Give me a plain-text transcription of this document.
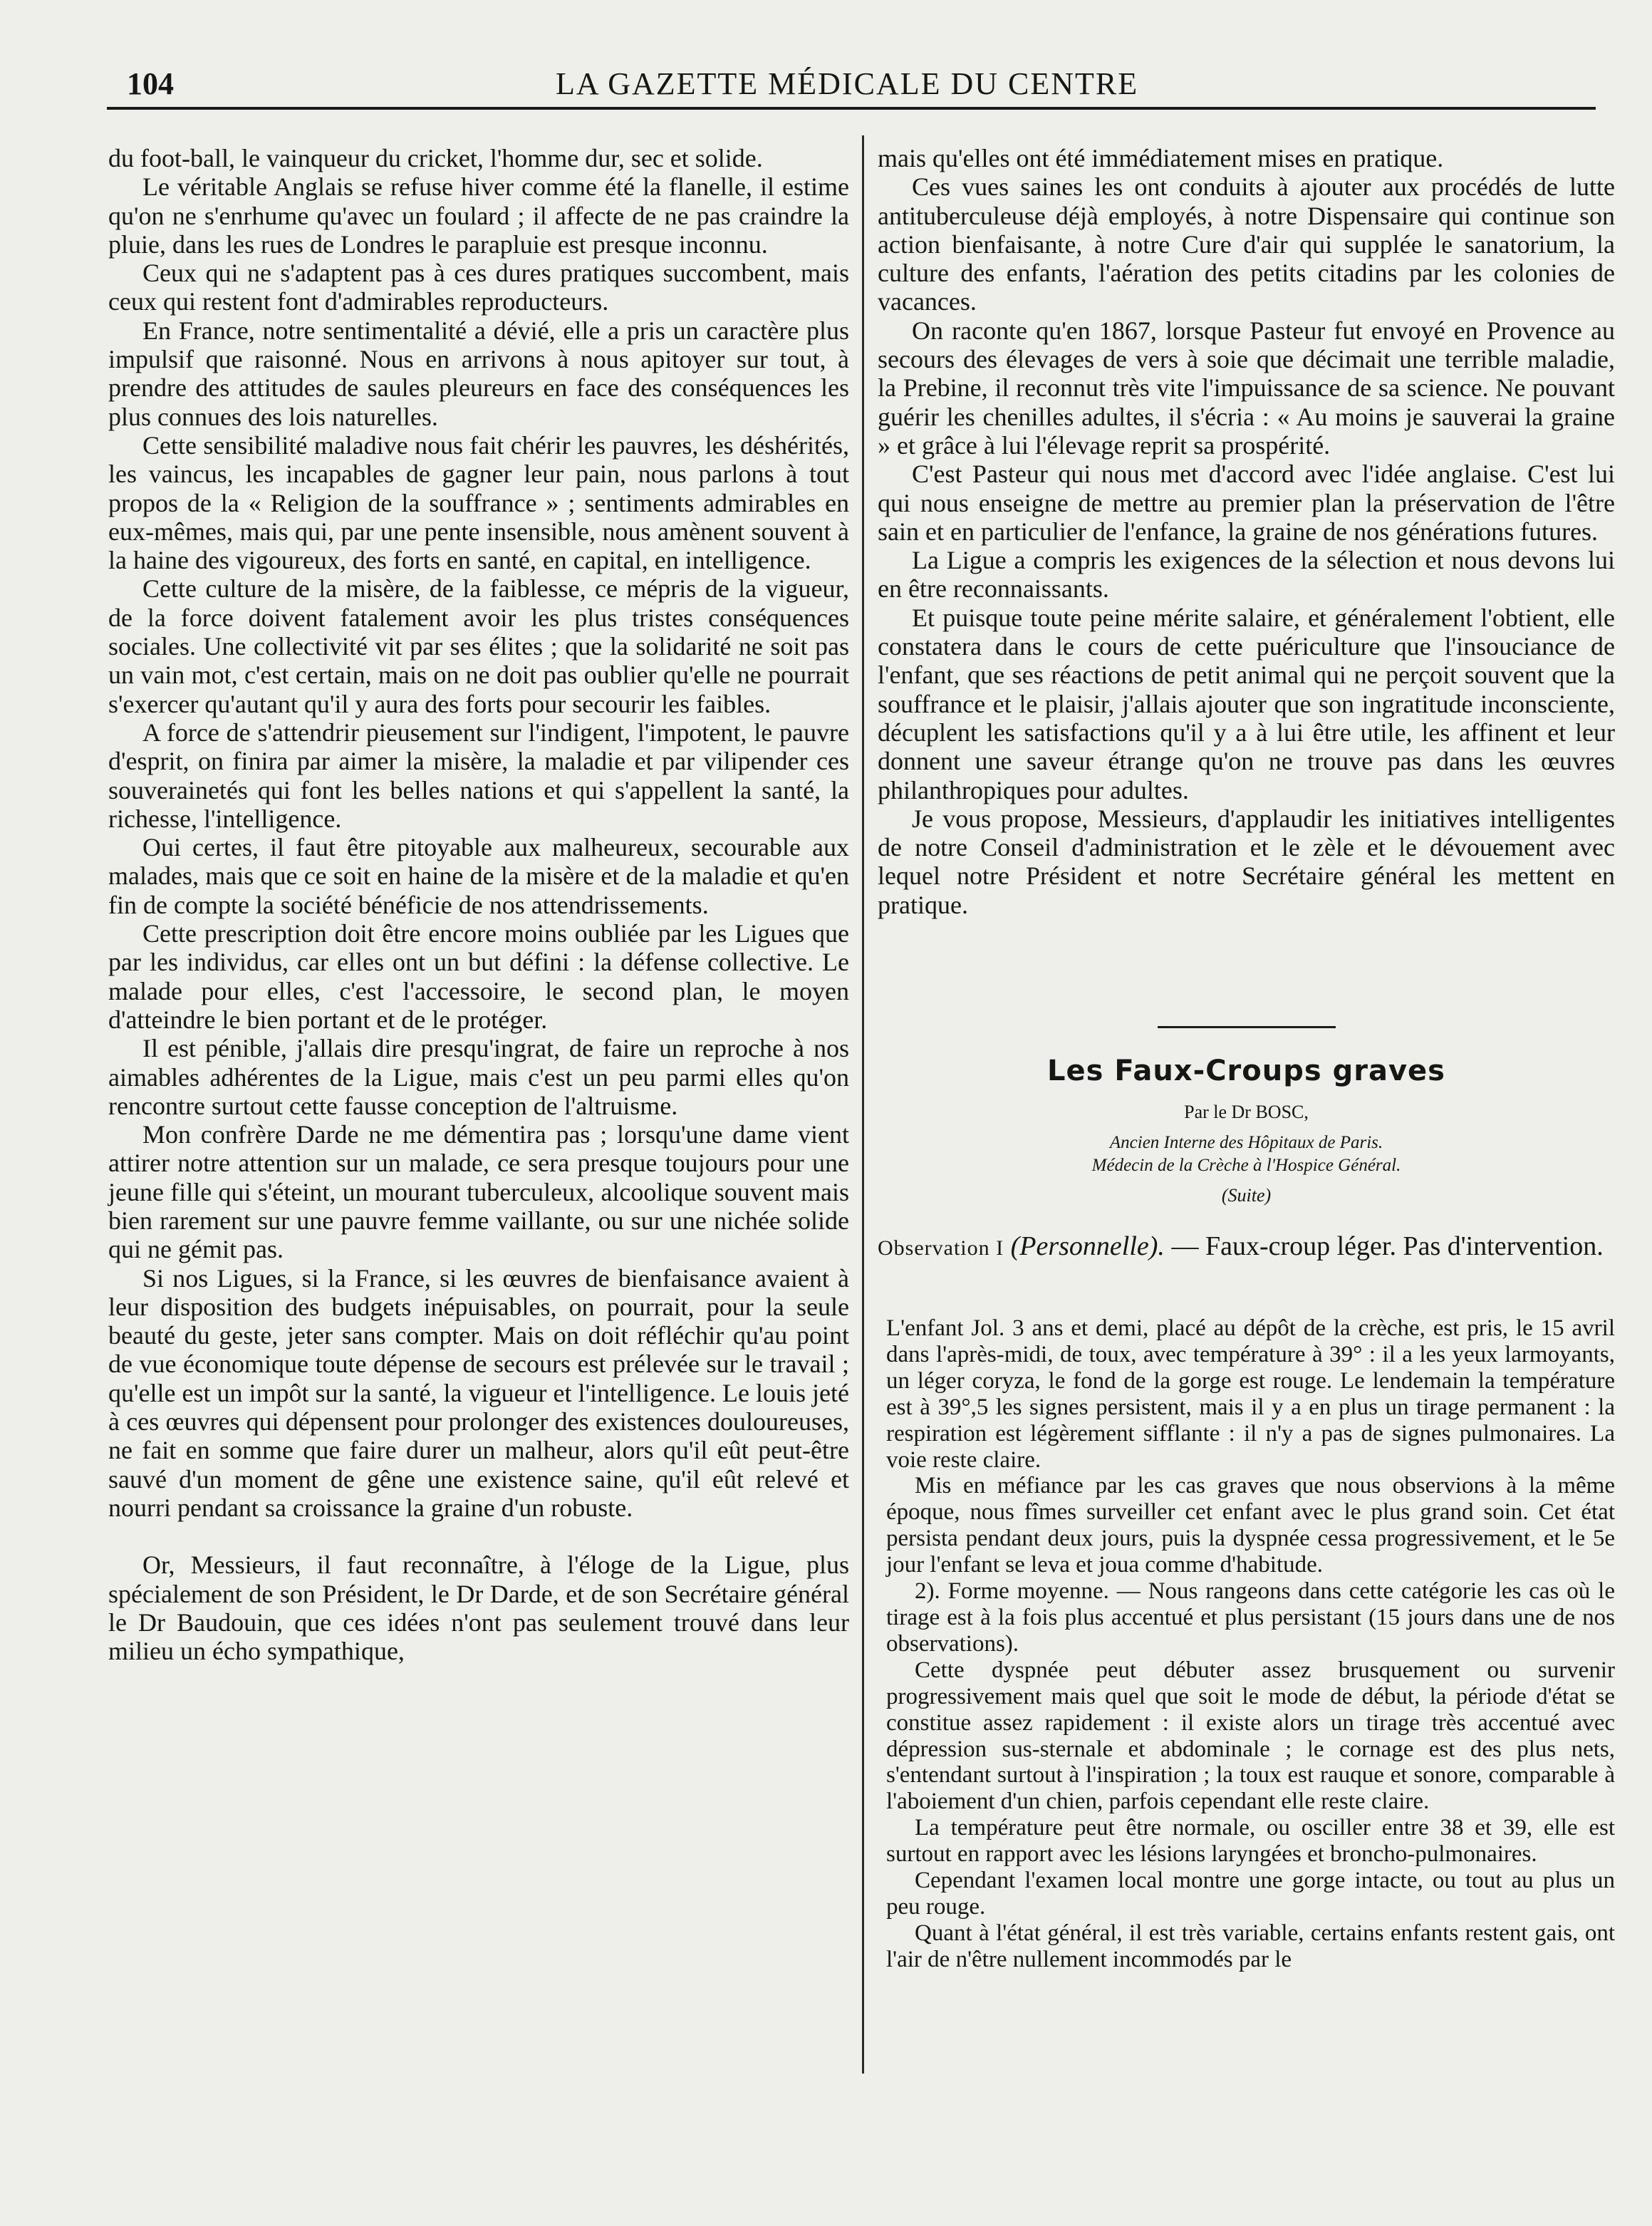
104	LA GAZETTE MÉDICALE DU CENTRE

du foot-ball, le vainqueur du cricket, l'homme dur, sec et solide.

Le véritable Anglais se refuse hiver comme été la flanelle, il estime qu'on ne s'enrhume qu'avec un foulard ; il affecte de ne pas craindre la pluie, dans les rues de Londres le parapluie est presque inconnu.

Ceux qui ne s'adaptent pas à ces dures pratiques succombent, mais ceux qui restent font d'admirables reproducteurs.

En France, notre sentimentalité a dévié, elle a pris un caractère plus impulsif que raisonné. Nous en arrivons à nous apitoyer sur tout, à prendre des attitudes de saules pleureurs en face des conséquences les plus connues des lois naturelles.

Cette sensibilité maladive nous fait chérir les pauvres, les déshérités, les vaincus, les incapables de gagner leur pain, nous parlons à tout propos de la « Religion de la souffrance » ; sentiments admirables en eux-mêmes, mais qui, par une pente insensible, nous amènent souvent à la haine des vigoureux, des forts en santé, en capital, en intelligence.

Cette culture de la misère, de la faiblesse, ce mépris de la vigueur, de la force doivent fatalement avoir les plus tristes conséquences sociales. Une collectivité vit par ses élites ; que la solidarité ne soit pas un vain mot, c'est certain, mais on ne doit pas oublier qu'elle ne pourrait s'exercer qu'autant qu'il y aura des forts pour secourir les faibles.

A force de s'attendrir pieusement sur l'indigent, l'impotent, le pauvre d'esprit, on finira par aimer la misère, la maladie et par vilipender ces souverainetés qui font les belles nations et qui s'appellent la santé, la richesse, l'intelligence.

Oui certes, il faut être pitoyable aux malheureux, secourable aux malades, mais que ce soit en haine de la misère et de la maladie et qu'en fin de compte la société bénéficie de nos attendrissements.

Cette prescription doit être encore moins oubliée par les Ligues que par les individus, car elles ont un but défini : la défense collective. Le malade pour elles, c'est l'accessoire, le second plan, le moyen d'atteindre le bien portant et de le protéger.

Il est pénible, j'allais dire presqu'ingrat, de faire un reproche à nos aimables adhérentes de la Ligue, mais c'est un peu parmi elles qu'on rencontre surtout cette fausse conception de l'altruisme.

Mon confrère Darde ne me démentira pas ; lorsqu'une dame vient attirer notre attention sur un malade, ce sera presque toujours pour une jeune fille qui s'éteint, un mourant tuberculeux, alcoolique souvent mais bien rarement sur une pauvre femme vaillante, ou sur une nichée solide qui ne gémit pas.

Si nos Ligues, si la France, si les œuvres de bienfaisance avaient à leur disposition des budgets inépuisables, on pourrait, pour la seule beauté du geste, jeter sans compter. Mais on doit réfléchir qu'au point de vue économique toute dépense de secours est prélevée sur le travail ; qu'elle est un impôt sur la santé, la vigueur et l'intelligence. Le louis jeté à ces œuvres qui dépensent pour prolonger des existences douloureuses, ne fait en somme que faire durer un malheur, alors qu'il eût peut-être sauvé d'un moment de gêne une existence saine, qu'il eût relevé et nourri pendant sa croissance la graine d'un robuste.

Or, Messieurs, il faut reconnaître, à l'éloge de la Ligue, plus spécialement de son Président, le Dr Darde, et de son Secrétaire général le Dr Baudouin, que ces idées n'ont pas seulement trouvé dans leur milieu un écho sympathique,

mais qu'elles ont été immédiatement mises en pratique.

Ces vues saines les ont conduits à ajouter aux procédés de lutte antituberculeuse déjà employés, à notre Dispensaire qui continue son action bienfaisante, à notre Cure d'air qui supplée le sanatorium, la culture des enfants, l'aération des petits citadins par les colonies de vacances.

On raconte qu'en 1867, lorsque Pasteur fut envoyé en Provence au secours des élevages de vers à soie que décimait une terrible maladie, la Prebine, il reconnut très vite l'impuissance de sa science. Ne pouvant guérir les chenilles adultes, il s'écria : « Au moins je sauverai la graine » et grâce à lui l'élevage reprit sa prospérité.

C'est Pasteur qui nous met d'accord avec l'idée anglaise. C'est lui qui nous enseigne de mettre au premier plan la préservation de l'être sain et en particulier de l'enfance, la graine de nos générations futures.

La Ligue a compris les exigences de la sélection et nous devons lui en être reconnaissants.

Et puisque toute peine mérite salaire, et généralement l'obtient, elle constatera dans le cours de cette puériculture que l'insouciance de l'enfant, que ses réactions de petit animal qui ne perçoit souvent que la souffrance et le plaisir, j'allais ajouter que son ingratitude inconsciente, décuplent les satisfactions qu'il y a à lui être utile, les affinent et leur donnent une saveur étrange qu'on ne trouve pas dans les œuvres philanthropiques pour adultes.

Je vous propose, Messieurs, d'applaudir les initiatives intelligentes de notre Conseil d'administration et le zèle et le dévouement avec lequel notre Président et notre Secrétaire général les mettent en pratique.

Les Faux-Croups graves
Par le Dr BOSC,
Ancien Interne des Hôpitaux de Paris.
Médecin de la Crèche à l'Hospice Général.
(Suite)
Observation I (Personnelle). — Faux-croup léger. Pas d'intervention.

L'enfant Jol. 3 ans et demi, placé au dépôt de la crèche, est pris, le 15 avril dans l'après-midi, de toux, avec température à 39° : il a les yeux larmoyants, un léger coryza, le fond de la gorge est rouge. Le lendemain la température est à 39°,5 les signes persistent, mais il y a en plus un tirage permanent : la respiration est légèrement sifflante : il n'y a pas de signes pulmonaires. La voie reste claire.

Mis en méfiance par les cas graves que nous observions à la même époque, nous fîmes surveiller cet enfant avec le plus grand soin. Cet état persista pendant deux jours, puis la dyspnée cessa progressivement, et le 5e jour l'enfant se leva et joua comme d'habitude.

2). Forme moyenne. — Nous rangeons dans cette catégorie les cas où le tirage est à la fois plus accentué et plus persistant (15 jours dans une de nos observations).

Cette dyspnée peut débuter assez brusquement ou survenir progressivement mais quel que soit le mode de début, la période d'état se constitue assez rapidement : il existe alors un tirage très accentué avec dépression sus-sternale et abdominale ; le cornage est des plus nets, s'entendant surtout à l'inspiration ; la toux est rauque et sonore, comparable à l'aboiement d'un chien, parfois cependant elle reste claire.

La température peut être normale, ou osciller entre 38 et 39, elle est surtout en rapport avec les lésions laryngées et broncho-pulmonaires.

Cependant l'examen local montre une gorge intacte, ou tout au plus un peu rouge.

Quant à l'état général, il est très variable, certains enfants restent gais, ont l'air de n'être nullement incommodés par le
